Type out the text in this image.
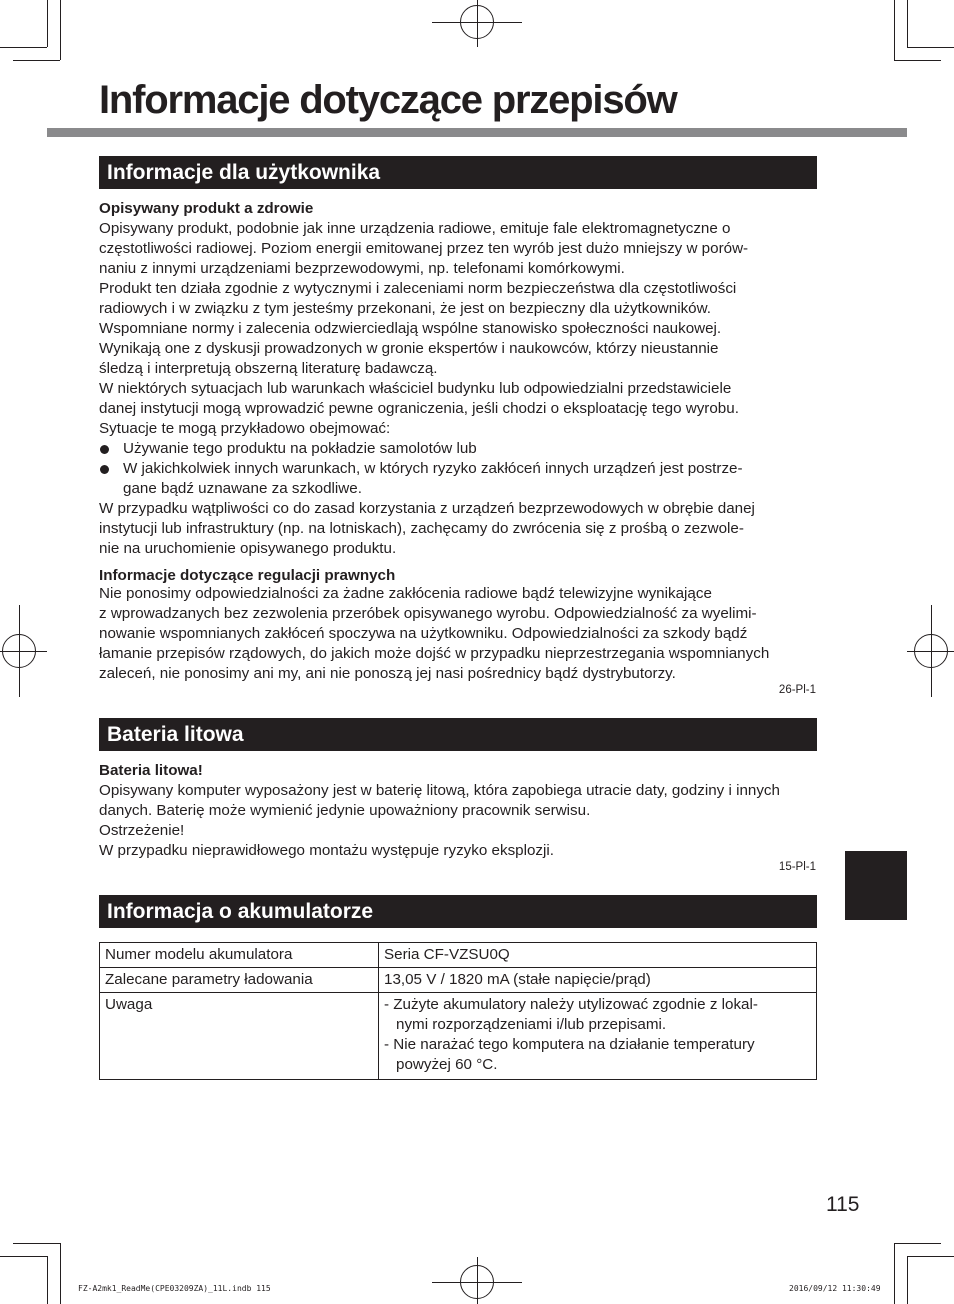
Informacje dotyczące przepisów
Informacje dla użytkownika

Opisywany produkt a zdrowie

Opisywany produkt, podobnie jak inne urządzenia radiowe, emituje fale elektromagnetyczne o

częstotliwości radiowej. Poziom energii emitowanej przez ten wyrób jest dużo mniejszy w porów-

naniu z innymi urządzeniami bezprzewodowymi, np. telefonami komórkowymi.

Produkt ten działa zgodnie z wytycznymi i zaleceniami norm bezpieczeństwa dla częstotliwości

radiowych i w związku z tym jesteśmy przekonani, że jest on bezpieczny dla użytkowników.

Wspomniane normy i zalecenia odzwierciedlają wspólne stanowisko społeczności naukowej.

Wynikają one z dyskusji prowadzonych w gronie ekspertów i naukowców, którzy nieustannie

śledzą i interpretują obszerną literaturę badawczą.

W niektórych sytuacjach lub warunkach właściciel budynku lub odpowiedzialni przedstawiciele

danej instytucji mogą wprowadzić pewne ograniczenia, jeśli chodzi o eksploatację tego wyrobu.

Sytuacje te mogą przykładowo obejmować:

Używanie tego produktu na pokładzie samolotów lub

W jakichkolwiek innych warunkach, w których ryzyko zakłóceń innych urządzeń jest postrze-

gane bądź uznawane za szkodliwe.

W przypadku wątpliwości co do zasad korzystania z urządzeń bezprzewodowych w obrębie danej

instytucji lub infrastruktury (np. na lotniskach), zachęcamy do zwrócenia się z prośbą o zezwole-

nie na uruchomienie opisywanego produktu.

Informacje dotyczące regulacji prawnych

Nie ponosimy odpowiedzialności za żadne zakłócenia radiowe bądź telewizyjne wynikające

z wprowadzanych bez zezwolenia przeróbek opisywanego wyrobu. Odpowiedzialność za wyelimi-

nowanie wspomnianych zakłóceń spoczywa na użytkowniku. Odpowiedzialności za szkody bądź

łamanie przepisów rządowych, do jakich może dojść w przypadku nieprzestrzegania wspomnianych

zaleceń, nie ponosimy ani my, ani nie ponoszą jej nasi pośrednicy bądź dystrybutorzy.

26-Pl-1
Bateria litowa

Bateria litowa!

Opisywany komputer wyposażony jest w baterię litową, która zapobiega utracie daty, godziny i innych

danych. Baterię może wymienić jedynie upoważniony pracownik serwisu.

Ostrzeżenie!

W przypadku nieprawidłowego montażu występuje ryzyko eksplozji.

15-Pl-1
Informacja o akumulatorze
Numer modelu akumulatora	Seria CF-VZSU0Q
Zalecane parametry ładowania	13,05 V / 1820 mA (stałe napięcie/prąd)
Uwaga	- Zużyte akumulatory należy utylizować zgodnie z lokal-
nymi rozporządzeniami i/lub przepisami.
- Nie narażać tego komputera na działanie temperatury
powyżej 60 °C.
115
FZ-A2mk1_ReadMe(CPE03209ZA)_11L.indb 115	2016/09/12 11:30:49
